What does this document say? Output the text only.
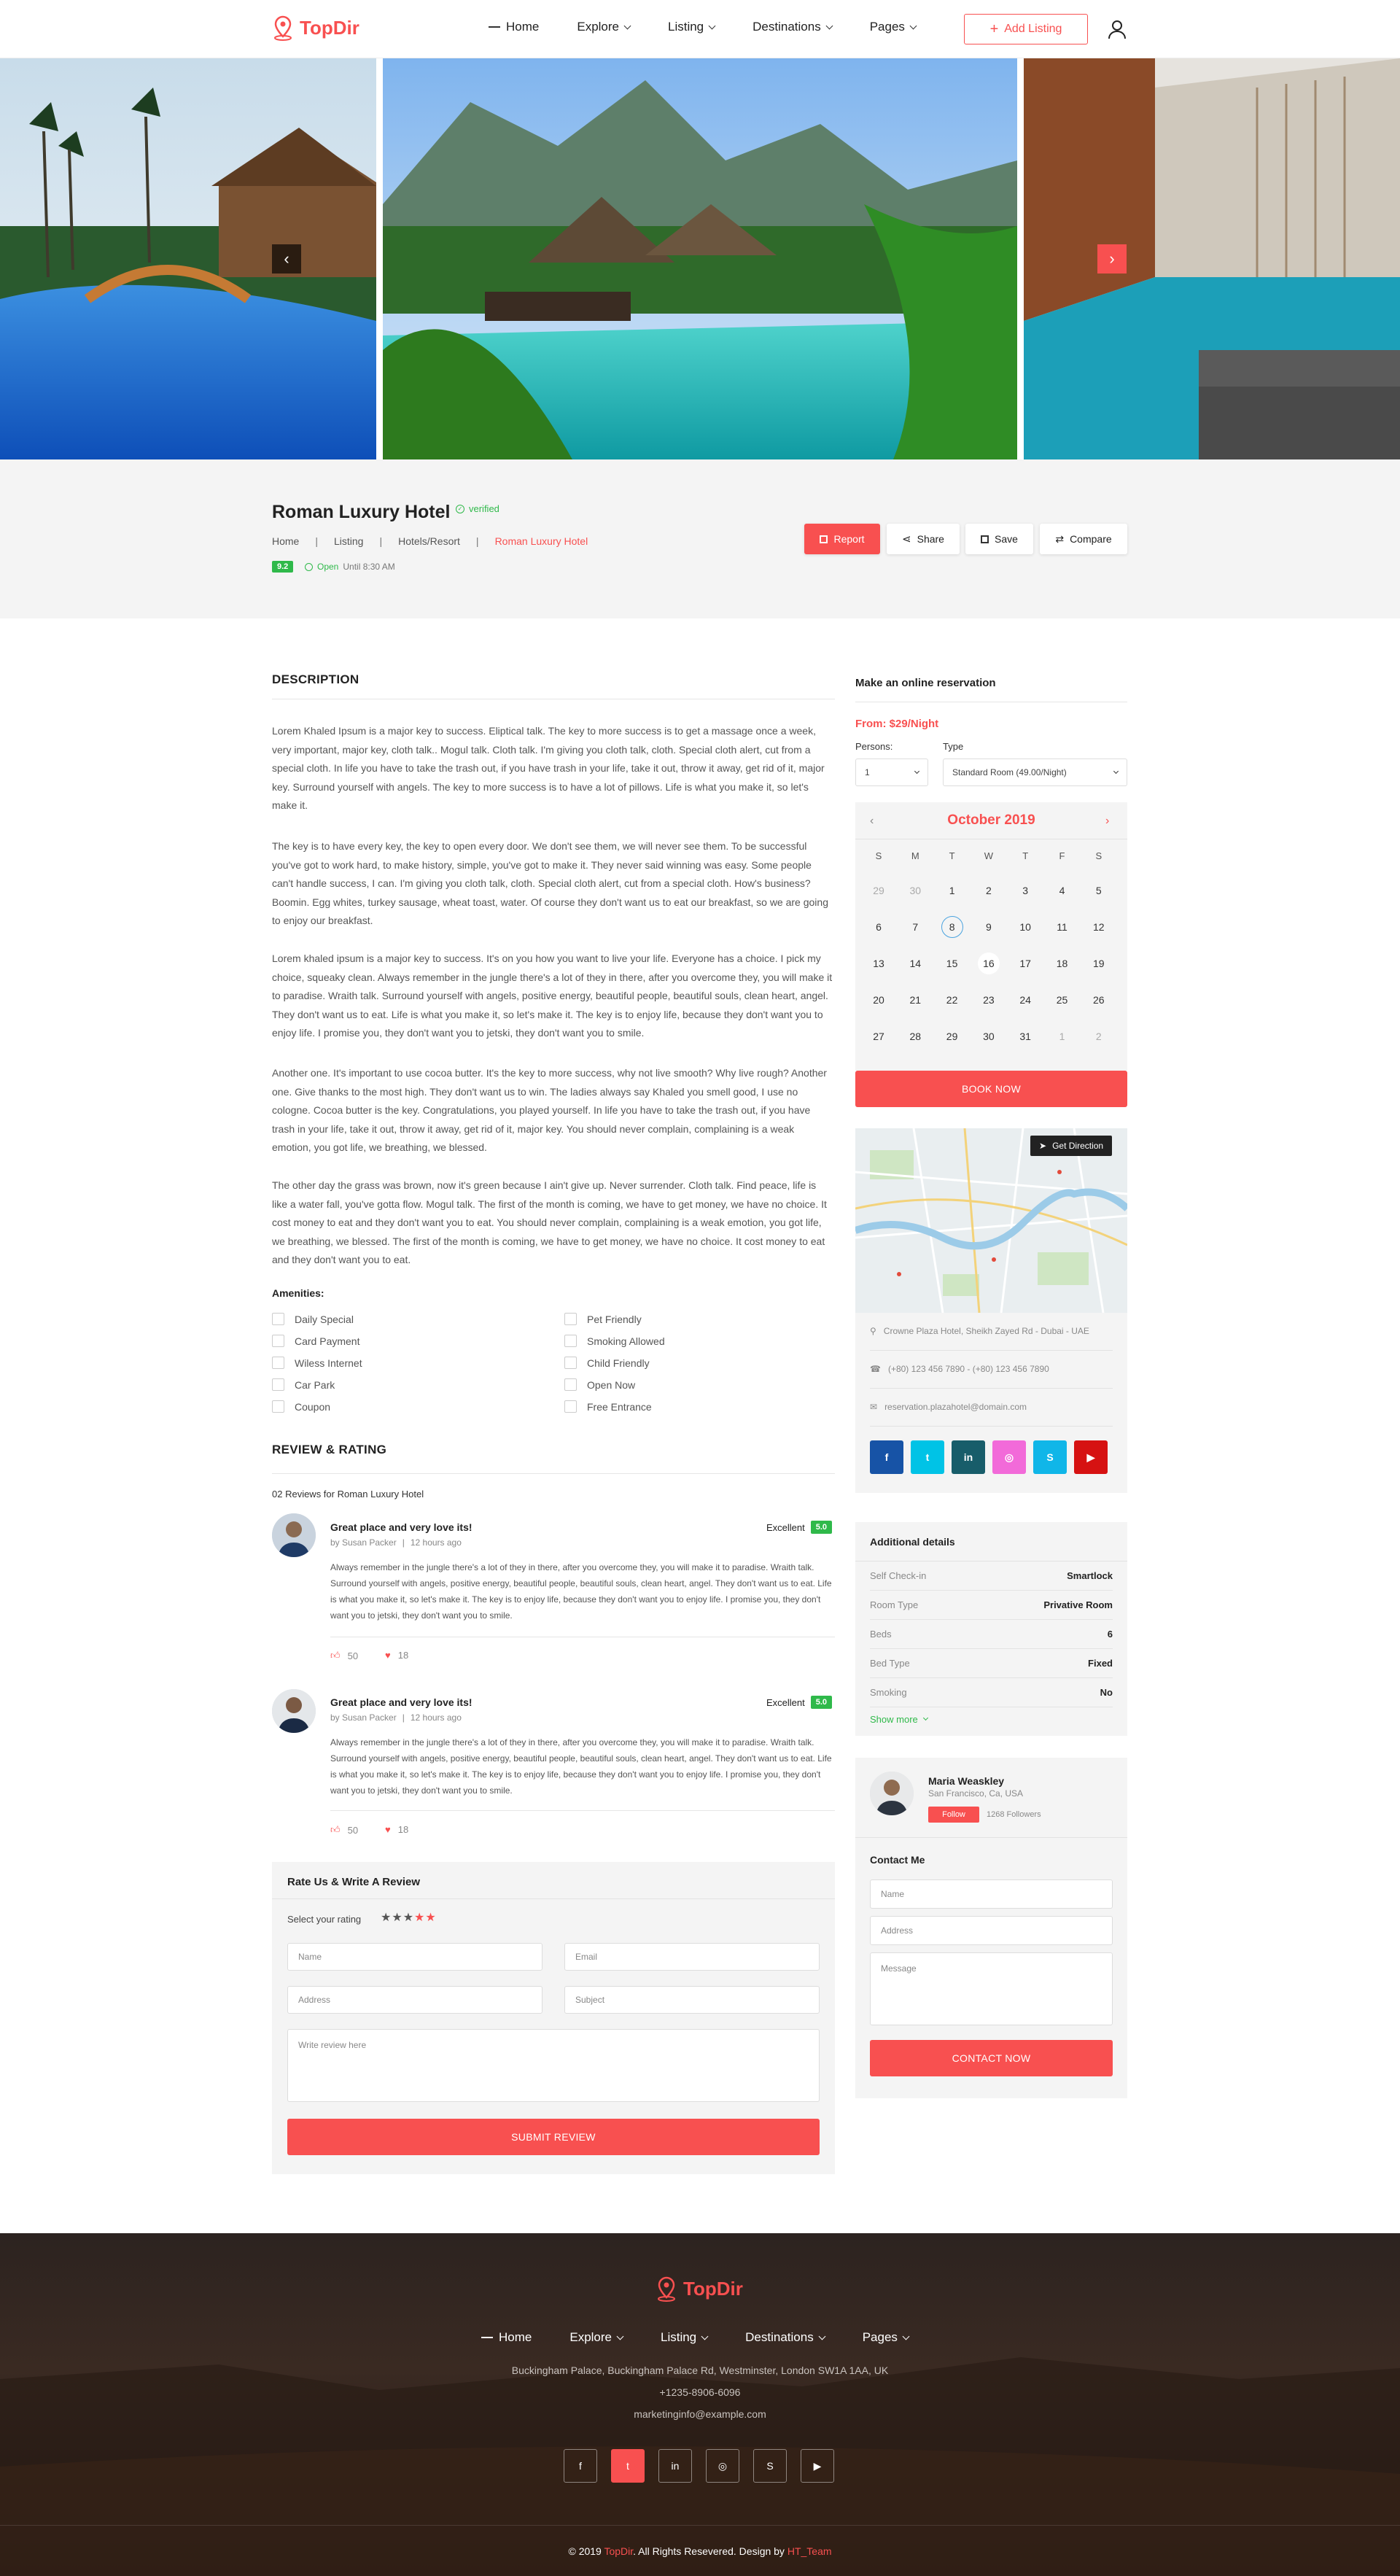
TopDir	Home	Explore	Listing	Destinations	Pages	+ Add Listing
‹	›
Roman Luxury Hotel	✓ verified
Home | Listing | Hotels/Resort | Roman Luxury Hotel
9.2	Open Until 8:30 AM
Report	⋖ Share	Save	⇄ Compare
DESCRIPTION
Lorem Khaled Ipsum is a major key to success. Eliptical talk. The key to more success is to get a massage once a week, very important, major key, cloth talk.. Mogul talk. Cloth talk. I'm giving you cloth talk, cloth. Special cloth alert, cut from a special cloth. In life you have to take the trash out, if you have trash in your life, take it out, throw it away, get rid of it, major key. Surround yourself with angels. The key to more success is to have a lot of pillows. Life is what you make it, so let's make it.
The key is to have every key, the key to open every door. We don't see them, we will never see them. To be successful you've got to work hard, to make history, simple, you've got to make it. They never said winning was easy. Some people can't handle success, I can. I'm giving you cloth talk, cloth. Special cloth alert, cut from a special cloth. How's business? Boomin. Egg whites, turkey sausage, wheat toast, water. Of course they don't want us to eat our breakfast, so we are going to enjoy our breakfast.
Lorem khaled ipsum is a major key to success. It's on you how you want to live your life. Everyone has a choice. I pick my choice, squeaky clean. Always remember in the jungle there's a lot of they in there, after you overcome they, you will make it to paradise. Wraith talk. Surround yourself with angels, positive energy, beautiful people, beautiful souls, clean heart, angel. They don't want us to eat. Life is what you make it, so let's make it. The key is to enjoy life, because they don't want you to enjoy life. I promise you, they don't want you to jetski, they don't want you to smile.
Another one. It's important to use cocoa butter. It's the key to more success, why not live smooth? Why live rough? Another one. Give thanks to the most high. They don't want us to win. The ladies always say Khaled you smell good, I use no cologne. Cocoa butter is the key. Congratulations, you played yourself. In life you have to take the trash out, if you have trash in your life, take it out, throw it away, get rid of it, major key. You should never complain, complaining is a weak emotion, you got life, we breathing, we blessed.
The other day the grass was brown, now it's green because I ain't give up. Never surrender. Cloth talk. Find peace, life is like a water fall, you've gotta flow. Mogul talk. The first of the month is coming, we have to get money, we have no choice. It cost money to eat and they don't want you to eat. You should never complain, complaining is a weak emotion, you got life, we breathing, we blessed. The first of the month is coming, we have to get money, we have no choice. It cost money to eat and they don't want you to eat.
Amenities:
Daily Special
Card Payment
Wiless Internet
Car Park
Coupon
Pet Friendly
Smoking Allowed
Child Friendly
Open Now
Free Entrance
REVIEW & RATING
02 Reviews for Roman Luxury Hotel
Great place and very love its!
by Susan Packer | 12 hours ago
Excellent	5.0
Always remember in the jungle there's a lot of they in there, after you overcome they, you will make it to paradise. Wraith talk. Surround yourself with angels, positive energy, beautiful people, beautiful souls, clean heart, angel. They don't want us to eat. Life is what you make it, so let's make it. The key is to enjoy life, because they don't want you to enjoy life. I promise you, they don't want you to jetski, they don't want you to smile.
👍︎ 50	♥ 18
Great place and very love its!
by Susan Packer | 12 hours ago
Excellent	5.0
Always remember in the jungle there's a lot of they in there, after you overcome they, you will make it to paradise. Wraith talk. Surround yourself with angels, positive energy, beautiful people, beautiful souls, clean heart, angel. They don't want us to eat. Life is what you make it, so let's make it. The key is to enjoy life, because they don't want you to enjoy life. I promise you, they don't want you to jetski, they don't want you to smile.
👍︎ 50	♥ 18
Rate Us & Write A Review
Select your rating ★★★★★
Name	Email
Address	Subject
Write review here
SUBMIT REVIEW
Make an online reservation
From: $29/Night
Persons:	Type
1	Standard Room (49.00/Night)
‹	October 2019	›
S	M	T	W	T	F	S
29	30	1	2	3	4	5
6	7	8	9	10	11	12
13	14	15	16	17	18	19
20	21	22	23	24	25	26
27	28	29	30	31	1	2
BOOK NOW
➤ Get Direction
⚲ Crowne Plaza Hotel, Sheikh Zayed Rd - Dubai - UAE
☎ (+80) 123 456 7890 - (+80) 123 456 7890
✉ reservation.plazahotel@domain.com
f	t	in	◎	S	▶
Additional details
Self Check-in	Smartlock
Room Type	Privative Room
Beds	6
Bed Type	Fixed
Smoking	No
Show more
Maria Weaskley
San Francisco, Ca, USA
Follow	1268 Followers
Contact Me
Name
Address
Message
CONTACT NOW
TopDir
Home	Explore	Listing	Destinations	Pages
Buckingham Palace, Buckingham Palace Rd, Westminster, London SW1A 1AA, UK
+1235-8906-6096
marketinginfo@example.com
f	t	in	◎	S	▶
© 2019 TopDir. All Rights Resevered. Design by HT_Team
